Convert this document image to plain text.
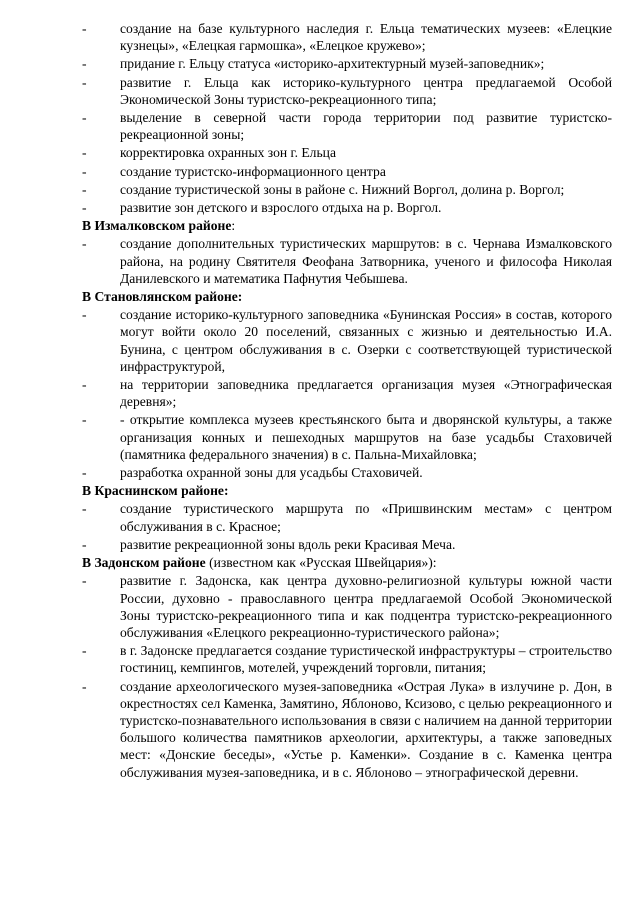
- создание на базе культурного наследия г. Ельца тематических музеев: «Елецкие кузнецы», «Елецкая гармошка», «Елецкое кружево»;
- придание г. Ельцу статуса «историко-архитектурный музей-заповедник»;
- развитие г. Ельца как историко-культурного центра предлагаемой Особой Экономической Зоны туристско-рекреационного типа;
- выделение в северной части города территории под развитие туристско-рекреационной зоны;
- корректировка охранных зон г. Ельца
- создание туристско-информационного центра
- создание туристической зоны в районе с. Нижний Воргол, долина р. Воргол;
- развитие зон детского и взрослого отдыха на р. Воргол.
В Измалковском районе:
- создание дополнительных туристических маршрутов: в с. Чернава Измалковского района, на родину Святителя Феофана Затворника, ученого и философа Николая Данилевского и математика Пафнутия Чебышева.
В Становлянском районе:
- создание историко-культурного заповедника «Бунинская Россия» в состав, которого могут войти около 20 поселений, связанных с жизнью и деятельностью И.А. Бунина, с центром обслуживания в с. Озерки с соответствующей туристической инфраструктурой,
- на территории заповедника предлагается организация музея «Этнографическая деревня»;
- - открытие комплекса музеев крестьянского быта и дворянской культуры, а также организация конных и пешеходных маршрутов на базе усадьбы Стаховичей (памятника федерального значения) в с. Пальна-Михайловка;
- разработка охранной зоны для усадьбы Стаховичей.
В Краснинском районе:
- создание туристического маршрута по «Пришвинским местам» с центром обслуживания в с. Красное;
- развитие рекреационной зоны вдоль реки Красивая Меча.
В Задонском районе (известном как «Русская Швейцария»):
- развитие г. Задонска, как центра духовно-религиозной культуры южной части России, духовно - православного центра предлагаемой Особой Экономической Зоны туристско-рекреационного типа и как подцентра туристско-рекреационного обслуживания «Елецкого рекреационно-туристического района»;
- в г. Задонске предлагается создание туристической инфраструктуры – строительство гостиниц, кемпингов, мотелей, учреждений торговли, питания;
- создание археологического музея-заповедника «Острая Лука» в излучине р. Дон, в окрестностях сел Каменка, Замятино, Яблоново, Ксизово, с целью рекреационного и туристско-познавательного использования в связи с наличием на данной территории большого количества памятников археологии, архитектуры, а также заповедных мест: «Донские беседы», «Устье р. Каменки». Создание в с. Каменка центра обслуживания музея-заповедника, и в с. Яблоново – этнографической деревни.
